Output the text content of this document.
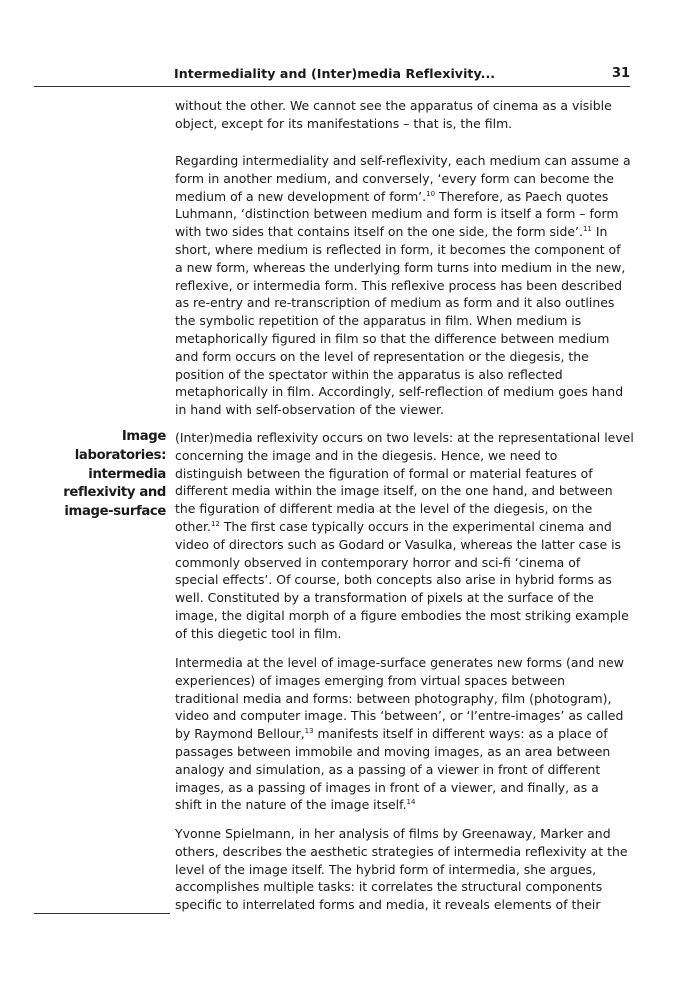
Intermediality and (Inter)media Reflexivity...	31
without the other. We cannot see the apparatus of cinema as a visible
object, except for its manifestations – that is, the film.
Regarding intermediality and self-reflexivity, each medium can assume a
form in another medium, and conversely, ‘every form can become the
medium of a new development of form’.$^{10}$ Therefore, as Paech quotes
Luhmann, ‘distinction between medium and form is itself a form – form
with two sides that contains itself on the one side, the form side’.$^{11}$ In
short, where medium is reflected in form, it becomes the component of
a new form, whereas the underlying form turns into medium in the new,
reflexive, or intermedia form. This reflexive process has been described
as re-entry and re-transcription of medium as form and it also outlines
the symbolic repetition of the apparatus in film. When medium is
metaphorically figured in film so that the difference between medium
and form occurs on the level of representation or the diegesis, the
position of the spectator within the apparatus is also reflected
metaphorically in film. Accordingly, self-reflection of medium goes hand
in hand with self-observation of the viewer.
(Inter)media reflexivity occurs on two levels: at the representational level
concerning the image and in the diegesis. Hence, we need to
distinguish between the figuration of formal or material features of
different media within the image itself, on the one hand, and between
the figuration of different media at the level of the diegesis, on the
other.$^{12}$ The first case typically occurs in the experimental cinema and
video of directors such as Godard or Vasulka, whereas the latter case is
commonly observed in contemporary horror and sci-fi ‘cinema of
special effects’. Of course, both concepts also arise in hybrid forms as
well. Constituted by a transformation of pixels at the surface of the
image, the digital morph of a figure embodies the most striking example
of this diegetic tool in film.
Intermedia at the level of image-surface generates new forms (and new
experiences) of images emerging from virtual spaces between
traditional media and forms: between photography, film (photogram),
video and computer image. This ‘between’, or ‘l’entre-images’ as called
by Raymond Bellour,$^{13}$ manifests itself in different ways: as a place of
passages between immobile and moving images, as an area between
analogy and simulation, as a passing of a viewer in front of different
images, as a passing of images in front of a viewer, and finally, as a
shift in the nature of the image itself.$^{14}$
Yvonne Spielmann, in her analysis of films by Greenaway, Marker and
others, describes the aesthetic strategies of intermedia reflexivity at the
level of the image itself. The hybrid form of intermedia, she argues,
accomplishes multiple tasks: it correlates the structural components
specific to interrelated forms and media, it reveals elements of their
Image
laboratories:
intermedia
reflexivity and
image-surface
